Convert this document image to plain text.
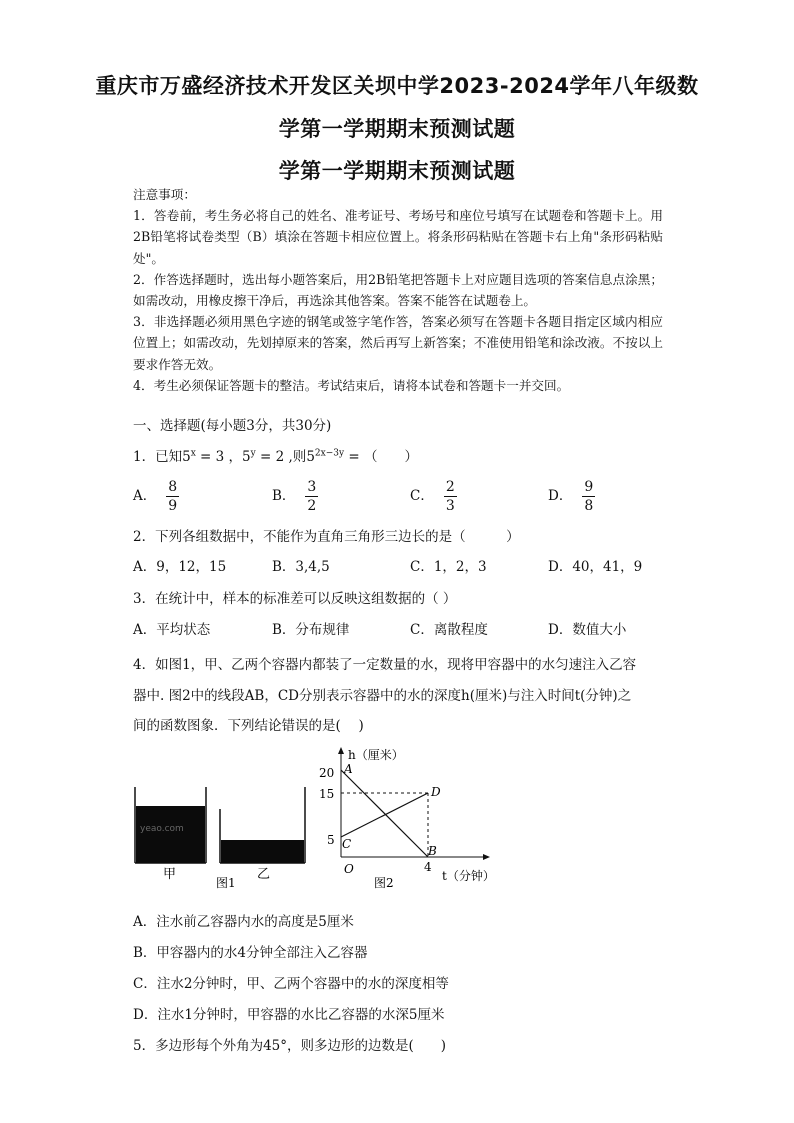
重庆市万盛经济技术开发区关坝中学2023-2024学年八年级数
学第一学期期末预测试题
学第一学期期末预测试题

注意事项：

1．答卷前，考生务必将自己的姓名、准考证号、考场号和座位号填写在试题卷和答题卡上。用2B铅笔将试卷类型（B）填涂在答题卡相应位置上。将条形码粘贴在答题卡右上角"条形码粘贴处"。

2．作答选择题时，选出每小题答案后，用2B铅笔把答题卡上对应题目选项的答案信息点涂黑；如需改动，用橡皮擦干净后，再选涂其他答案。答案不能答在试题卷上。

3．非选择题必须用黑色字迹的钢笔或签字笔作答，答案必须写在答题卡各题目指定区域内相应位置上；如需改动，先划掉原来的答案，然后再写上新答案；不准使用铅笔和涂改液。不按以上要求作答无效。

4．考生必须保证答题卡的整洁。考试结束后，请将本试卷和答题卡一并交回。

一、选择题(每小题3分，共30分)
1．已知$5^x = 3$ ，$5^y = 2$ ,则$5^{2x-3y}$ = （　　）
A． $\frac{8}{9}$	B． $\frac{3}{2}$	C． $\frac{2}{3}$	D． $\frac{9}{8}$
2．下列各组数据中，不能作为直角三角形三边长的是（　　　）
A．9，12，15	B．3,4,5	C．1，2，3	D．40，41，9
3．在统计中，样本的标准差可以反映这组数据的（ ）
A．平均状态	B．分布规律	C．离散程度	D．数值大小

4．如图1，甲、乙两个容器内都装了一定数量的水，现将甲容器中的水匀速注入乙容

器中. 图2中的线段AB，CD分别表示容器中的水的深度h(厘米)与注入时间t(分钟)之

间的函数图象．下列结论错误的是(　 )

yeao.com
甲	乙
图1
h（厘米）
20
15
5
A
D
C	B
O	4
t（分钟）
图2
A．注水前乙容器内水的高度是5厘米
B．甲容器内的水4分钟全部注入乙容器
C．注水2分钟时，甲、乙两个容器中的水的深度相等
D．注水1分钟时，甲容器的水比乙容器的水深5厘米
5．多边形每个外角为45°，则多边形的边数是(　　)
